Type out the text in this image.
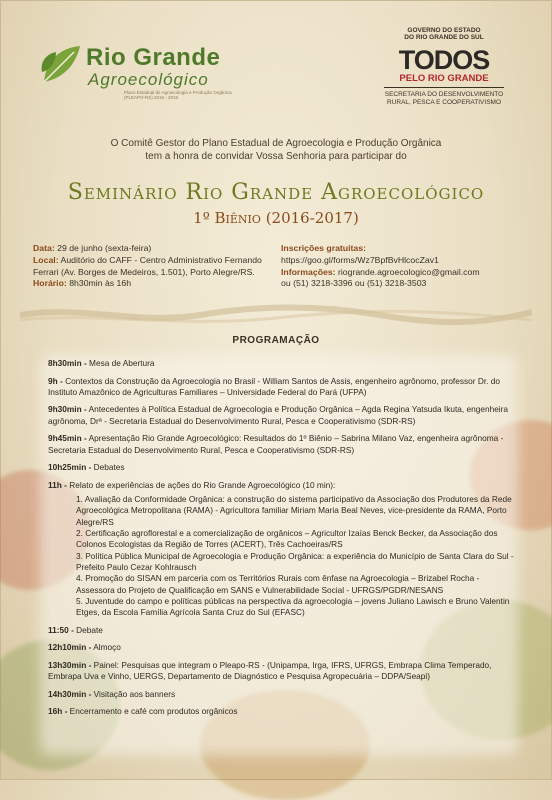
Rio Grande
Agroecológico
Plano Estadual de Agroecologia e Produção Orgânica (PLEAPO-RS) 2016 - 2018
GOVERNO DO ESTADO
DO RIO GRANDE DO SUL
TODOS
PELO RIO GRANDE
SECRETARIA DO DESENVOLVIMENTO
RURAL, PESCA E COOPERATIVISMO
O Comitê Gestor do Plano Estadual de Agroecologia e Produção Orgânica
tem a honra de convidar Vossa Senhoria para participar do
Seminário Rio Grande Agroecológico
1º Biênio (2016-2017)
Data: 29 de junho (sexta-feira)
Local: Auditório do CAFF - Centro Administrativo Fernando Ferrari (Av. Borges de Medeiros, 1.501), Porto Alegre/RS.
Horário: 8h30min às 16h
Inscrições gratuitas:
https://goo.gl/forms/Wz7BpfBvHlcocZav1
Informações: riogrande.agroecologico@gmail.com
ou (51) 3218-3396 ou (51) 3218-3503
PROGRAMAÇÃO
8h30min - Mesa de Abertura
9h - Contextos da Construção da Agroecologia no Brasil - William Santos de Assis, engenheiro agrônomo, professor Dr. do Instituto Amazônico de Agriculturas Familiares – Universidade Federal do Pará (UFPA)
9h30min - Antecedentes à Política Estadual de Agroecologia e Produção Orgânica – Agda Regina Yatsuda Ikuta, engenheira agrônoma, Drª - Secretaria Estadual do Desenvolvimento Rural, Pesca e Cooperativismo (SDR-RS)
9h45min - Apresentação Rio Grande Agroecológico: Resultados do 1º Biênio – Sabrina Milano Vaz, engenheira agrônoma - Secretaria Estadual do Desenvolvimento Rural, Pesca e Cooperativismo (SDR-RS)
10h25min - Debates
11h - Relato de experiências de ações do Rio Grande Agroecológico (10 min):
1. Avaliação da Conformidade Orgânica: a construção do sistema participativo da Associação dos Produtores da Rede Agroecológica Metropolitana (RAMA) - Agricultora familiar Miriam Maria Beal Neves, vice-presidente da RAMA, Porto Alegre/RS
2. Certificação agroflorestal e a comercialização de orgânicos – Agricultor Izaías Benck Becker, da Associação dos Colonos Ecologistas da Região de Torres (ACERT), Três Cachoeiras/RS
3. Política Pública Municipal de Agroecologia e Produção Orgânica: a experiência do Município de Santa Clara do Sul - Prefeito Paulo Cezar Kohlrausch
4. Promoção do SISAN em parceria com os Territórios Rurais com ênfase na Agroecologia – Brizabel Rocha - Assessora do Projeto de Qualificação em SANS e Vulnerabilidade Social - UFRGS/PGDR/NESANS
5. Juventude do campo e políticas públicas na perspectiva da agroecologia – jovens Juliano Lawisch e Bruno Valentin Etges, da Escola Família Agrícola Santa Cruz do Sul (EFASC)
11:50 - Debate
12h10min - Almoço
13h30min - Painel: Pesquisas que integram o Pleapo-RS - (Unipampa, Irga, IFRS, UFRGS, Embrapa Clima Temperado, Embrapa Uva e Vinho, UERGS, Departamento de Diagnóstico e Pesquisa Agropecuária – DDPA/Seapi)
14h30min - Visitação aos banners
16h - Encerramento e café com produtos orgânicos
